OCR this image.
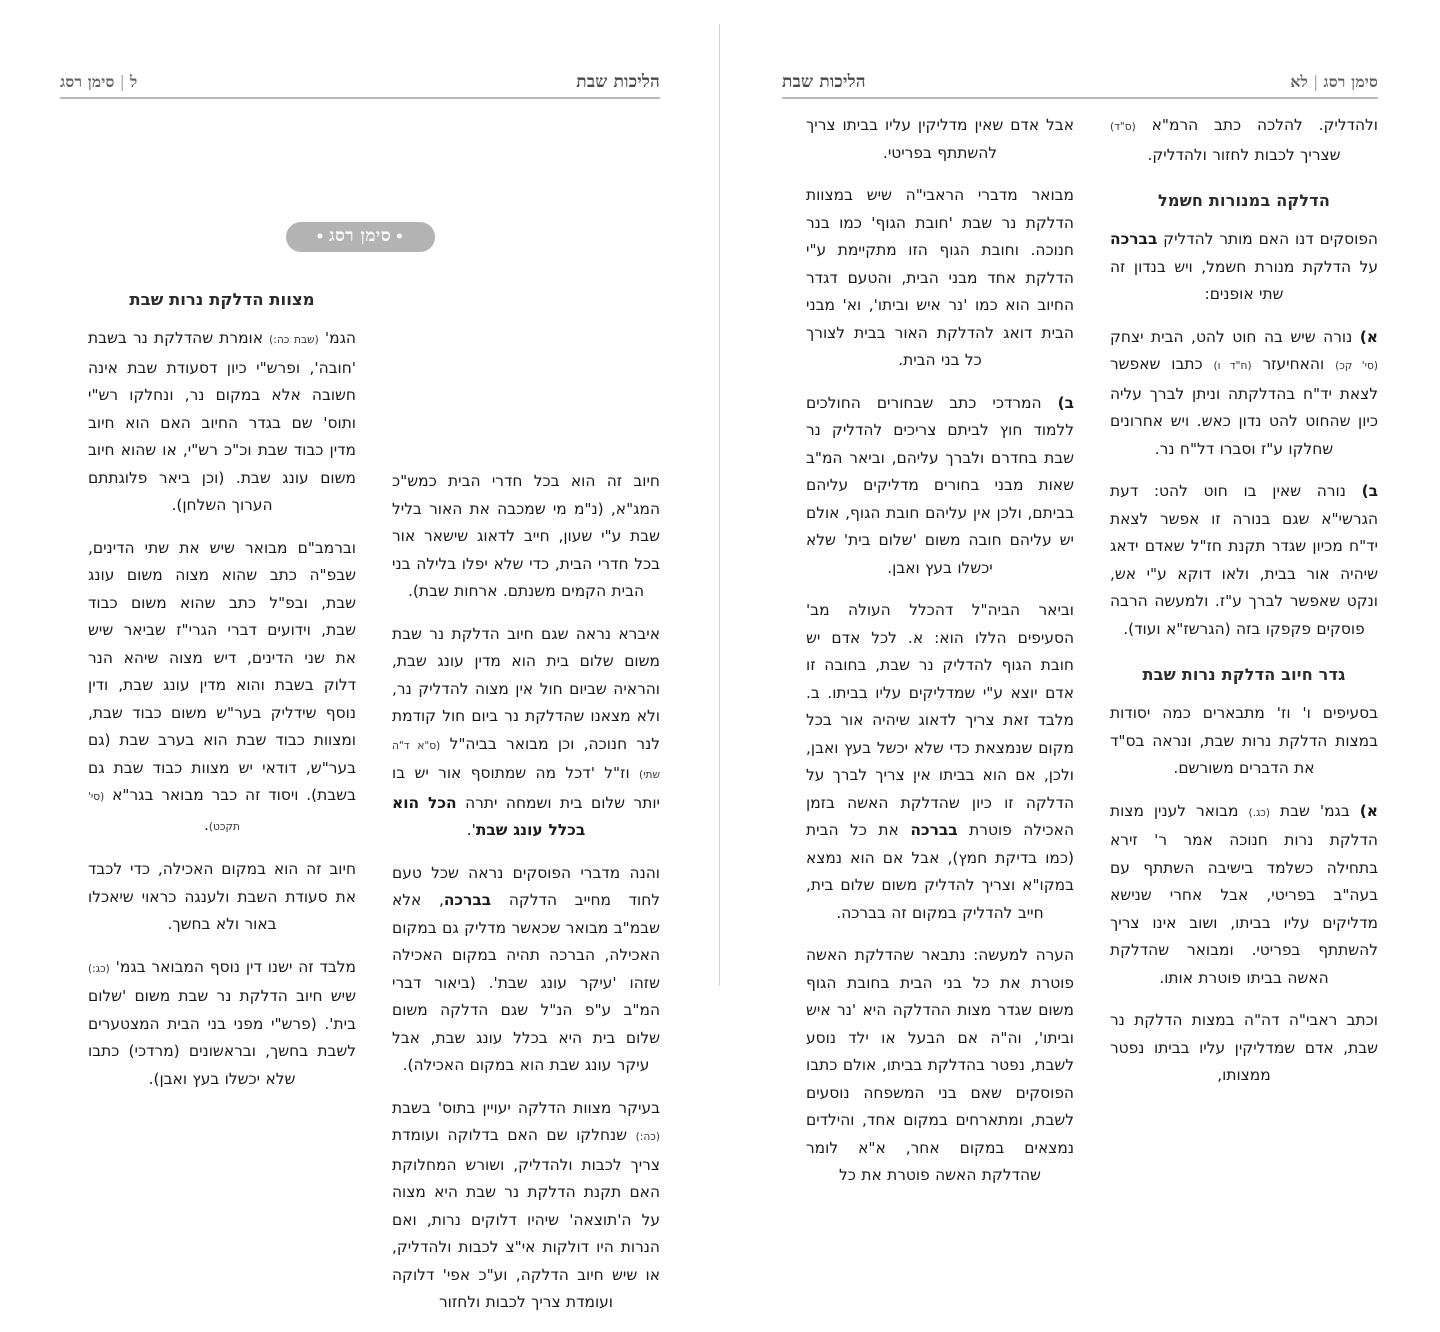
סימן רסג|לא
הליכות שבת

ולהדליק. להלכה כתב הרמ"א (ס"ד) שצריך לכבות לחזור ולהדליק.

הדלקה במנורות חשמל

הפוסקים דנו האם מותר להדליק בברכה על הדלקת מנורת חשמל, ויש בנדון זה שתי אופנים:

א) נורה שיש בה חוט להט, הבית יצחק (סי' קכ) והאחיעזר (ח"ד ו) כתבו שאפשר לצאת יד"ח בהדלקתה וניתן לברך עליה כיון שהחוט להט נדון כאש. ויש אחרונים שחלקו ע"ז וסברו דל"ח נר.

ב) נורה שאין בו חוט להט: דעת הגרשי"א שגם בנורה זו אפשר לצאת יד"ח מכיון שגדר תקנת חז"ל שאדם ידאג שיהיה אור בבית, ולאו דוקא ע"י אש, ונקט שאפשר לברך ע"ז. ולמעשה הרבה פוסקים פקפקו בזה (הגרשז"א ועוד).

גדר חיוב הדלקת נרות שבת

בסעיפים ו' וז' מתבארים כמה יסודות במצות הדלקת נרות שבת, ונראה בס"ד את הדברים משורשם.

א) בגמ' שבת (כג.) מבואר לענין מצות הדלקת נרות חנוכה אמר ר' זירא בתחילה כשלמד בישיבה השתתף עם בעה"ב בפריטי, אבל אחרי שנישא מדליקים עליו בביתו, ושוב אינו צריך להשתתף בפריטי. ומבואר שהדלקת האשה בביתו פוטרת אותו.

וכתב ראבי"ה דה"ה במצות הדלקת נר שבת, אדם שמדליקין עליו בביתו נפטר ממצותו,

אבל אדם שאין מדליקין עליו בביתו צריך להשתתף בפריטי.

מבואר מדברי הראבי"ה שיש במצוות הדלקת נר שבת 'חובת הגוף' כמו בנר חנוכה. וחובת הגוף הזו מתקיימת ע"י הדלקת אחד מבני הבית, והטעם דגדר החיוב הוא כמו 'נר איש וביתו', וא' מבני הבית דואג להדלקת האור בבית לצורך כל בני הבית.

ב) המרדכי כתב שבחורים החולכים ללמוד חוץ לביתם צריכים להדליק נר שבת בחדרם ולברך עליהם, וביאר המ"ב שאות מבני בחורים מדליקים עליהם בביתם, ולכן אין עליהם חובת הגוף, אולם יש עליהם חובה משום 'שלום בית' שלא יכשלו בעץ ואבן.

וביאר הביה"ל דהכלל העולה מב' הסעיפים הללו הוא: א. לכל אדם יש חובת הגוף להדליק נר שבת, בחובה זו אדם יוצא ע"י שמדליקים עליו בביתו. ב. מלבד זאת צריך לדאוג שיהיה אור בכל מקום שנמצאת כדי שלא יכשל בעץ ואבן, ולכן, אם הוא בביתו אין צריך לברך על הדלקה זו כיון שהדלקת האשה בזמן האכילה פוטרת בברכה את כל הבית (כמו בדיקת חמץ), אבל אם הוא נמצא במקו"א וצריך להדליק משום שלום בית, חייב להדליק במקום זה בברכה.

הערה למעשה: נתבאר שהדלקת האשה פוטרת את כל בני הבית בחובת הגוף משום שגדר מצות ההדלקה היא 'נר איש וביתו', וה"ה אם הבעל או ילד נוסע לשבת, נפטר בהדלקת בביתו, אולם כתבו הפוסקים שאם בני המשפחה נוסעים לשבת, ומתארחים במקום אחד, והילדים נמצאים במקום אחר, א"א לומר שהדלקת האשה פוטרת את כל

הליכות שבת
ל|סימן רסג
•סימן רסג•

חיוב זה הוא בכל חדרי הבית כמש"כ המג"א, (נ"מ מי שמכבה את האור בליל שבת ע"י שעון, חייב לדאוג שישאר אור בכל חדרי הבית, כדי שלא יפלו בלילה בני הבית הקמים משנתם. ארחות שבת).

איברא נראה שגם חיוב הדלקת נר שבת משום שלום בית הוא מדין עונג שבת, והראיה שביום חול אין מצוה להדליק נר, ולא מצאנו שהדלקת נר ביום חול קודמת לנר חנוכה, וכן מבואר בביה"ל (ס"א ד"ה שתי) וז"ל 'דכל מה שמתוסף אור יש בו יותר שלום בית ושמחה יתרה הכל הוא בכלל עונג שבת'.

והנה מדברי הפוסקים נראה שכל טעם לחוד מחייב הדלקה בברכה, אלא שבמ"ב מבואר שכאשר מדליק גם במקום האכילה, הברכה תהיה במקום האכילה שזהו 'עיקר עונג שבת'. (ביאור דברי המ"ב ע"פ הנ"ל שגם הדלקה משום שלום בית היא בכלל עונג שבת, אבל עיקר עונג שבת הוא במקום האכילה).

בעיקר מצוות הדלקה יעויין בתוס' בשבת (כה:) שנחלקו שם האם בדלוקה ועומדת צריך לכבות ולהדליק, ושורש המחלוקת האם תקנת הדלקת נר שבת היא מצוה על ה'תוצאה' שיהיו דלוקים נרות, ואם הנרות היו דולקות אי"צ לכבות ולהדליק, או שיש חיוב הדלקה, וע"כ אפי' דלוקה ועומדת צריך לכבות ולחזור

מצוות הדלקת נרות שבת

הגמ' (שבת כה:) אומרת שהדלקת נר בשבת 'חובה', ופרש"י כיון דסעודת שבת אינה חשובה אלא במקום נר, ונחלקו רש"י ותוס' שם בגדר החיוב האם הוא חיוב מדין כבוד שבת וכ"כ רש"י, או שהוא חיוב משום עונג שבת. (וכן ביאר פלוגתתם הערוך השלחן).

וברמב"ם מבואר שיש את שתי הדינים, שבפ"ה כתב שהוא מצוה משום עונג שבת, ובפ"ל כתב שהוא משום כבוד שבת, וידועים דברי הגרי"ז שביאר שיש את שני הדינים, דיש מצוה שיהא הנר דלוק בשבת והוא מדין עונג שבת, ודין נוסף שידליק בער"ש משום כבוד שבת, ומצוות כבוד שבת הוא בערב שבת (גם בער"ש, דודאי יש מצוות כבוד שבת גם בשבת). ויסוד זה כבר מבואר בגר"א (סי' תקכט).

חיוב זה הוא במקום האכילה, כדי לכבד את סעודת השבת ולענגה כראוי שיאכלו באור ולא בחשך.

מלבד זה ישנו דין נוסף המבואר בגמ' (כג:) שיש חיוב הדלקת נר שבת משום 'שלום בית'. (פרש"י מפני בני הבית המצטערים לשבת בחשך, ובראשונים (מרדכי) כתבו שלא יכשלו בעץ ואבן).
